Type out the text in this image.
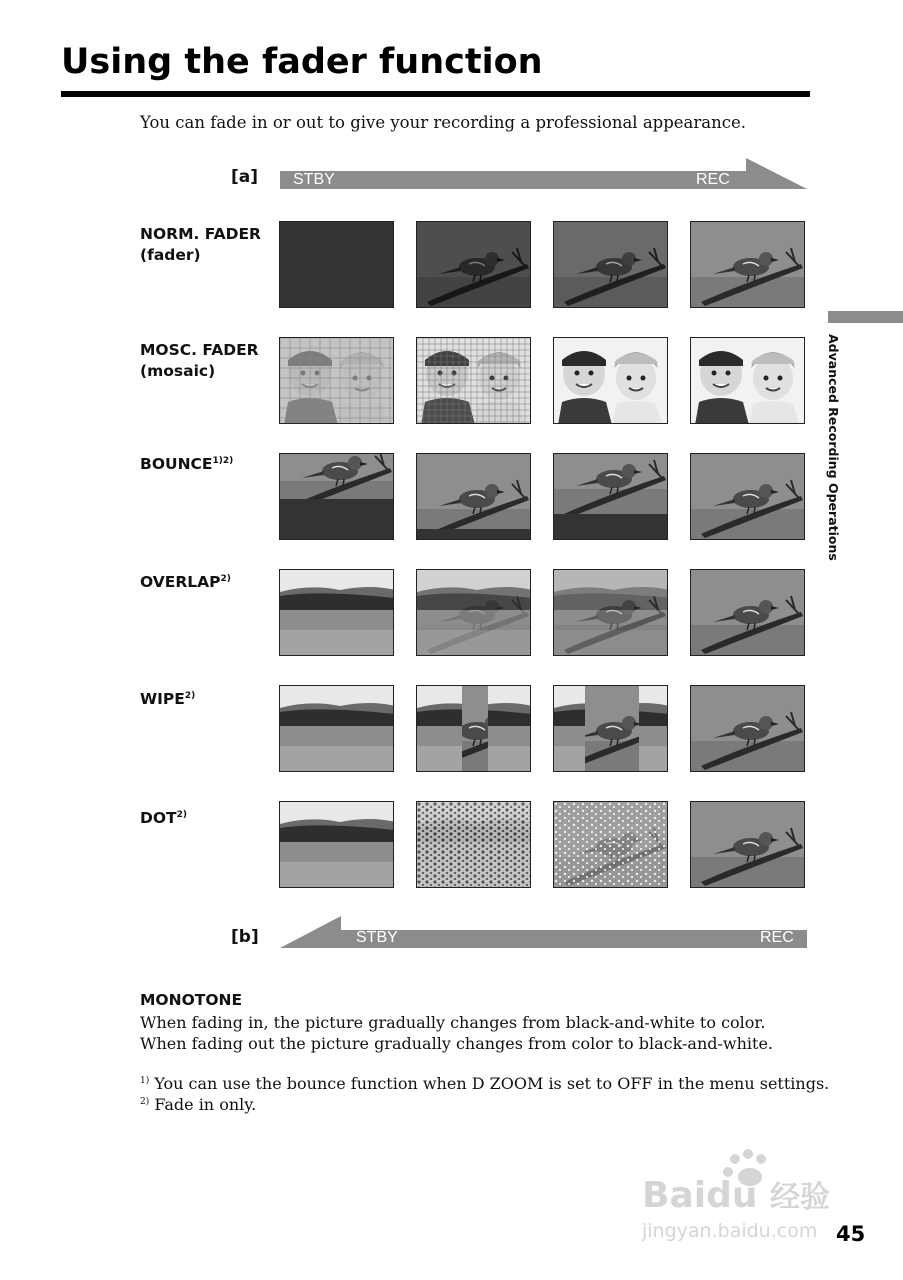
Using the fader function
You can fade in or out to give your recording a professional appearance.
Advanced Recording Operations
[a] STBY	REC
NORM. FADER
(fader)
MOSC. FADER
(mosaic)
$BOUNCE^{1)2)}$
OVERLAP$^{2)}$
WIPE$^{2)}$
DOT$^{2)}$
[b]	STBY	REC
MONOTONE
When fading in, the picture gradually changes from black-and-white to color.
When fading out the picture gradually changes from color to black-and-white.
$^{1)}$ You can use the bounce function when D ZOOM is set to OFF in the menu settings.
$^{2)}$ Fade in only.
Baidu 经验
jingyan.baidu.com 45
